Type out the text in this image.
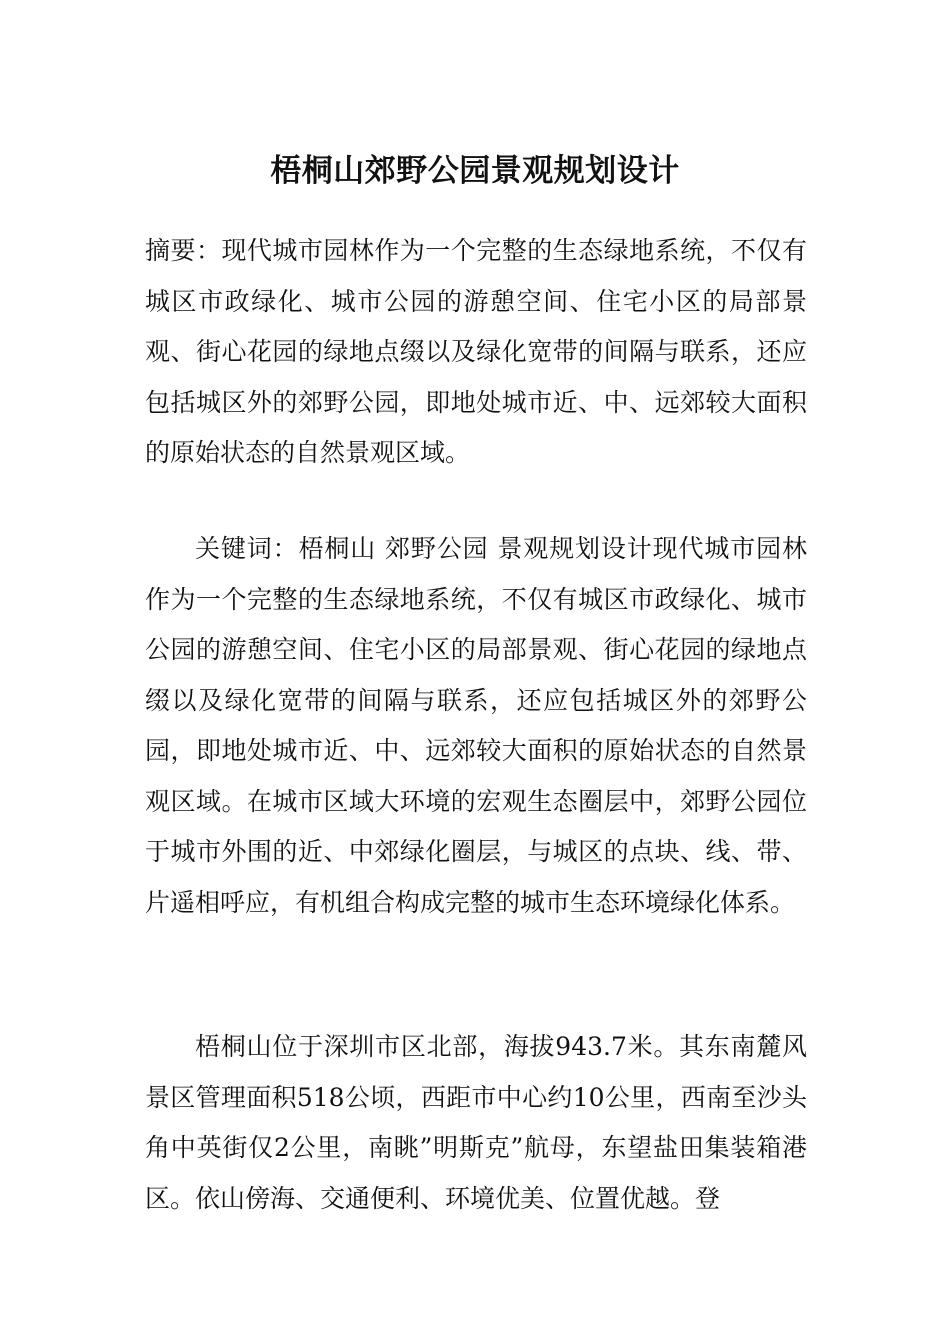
梧桐山郊野公园景观规划设计

摘要：现代城市园林作为一个完整的生态绿地系统，不仅有城区市政绿化、城市公园的游憩空间、住宅小区的局部景观、街心花园的绿地点缀以及绿化宽带的间隔与联系，还应包括城区外的郊野公园，即地处城市近、中、远郊较大面积的原始状态的自然景观区域。

关键词：梧桐山 郊野公园 景观规划设计现代城市园林作为一个完整的生态绿地系统，不仅有城区市政绿化、城市公园的游憩空间、住宅小区的局部景观、街心花园的绿地点缀以及绿化宽带的间隔与联系，还应包括城区外的郊野公园，即地处城市近、中、远郊较大面积的原始状态的自然景观区域。在城市区域大环境的宏观生态圈层中，郊野公园位于城市外围的近、中郊绿化圈层，与城区的点块、线、带、片遥相呼应，有机组合构成完整的城市生态环境绿化体系。

梧桐山位于深圳市区北部，海拔943.7米。其东南麓风景区管理面积518公顷，西距市中心约10公里，西南至沙头角中英街仅2公里，南眺”明斯克”航母，东望盐田集装箱港区。依山傍海、交通便利、环境优美、位置优越。登
